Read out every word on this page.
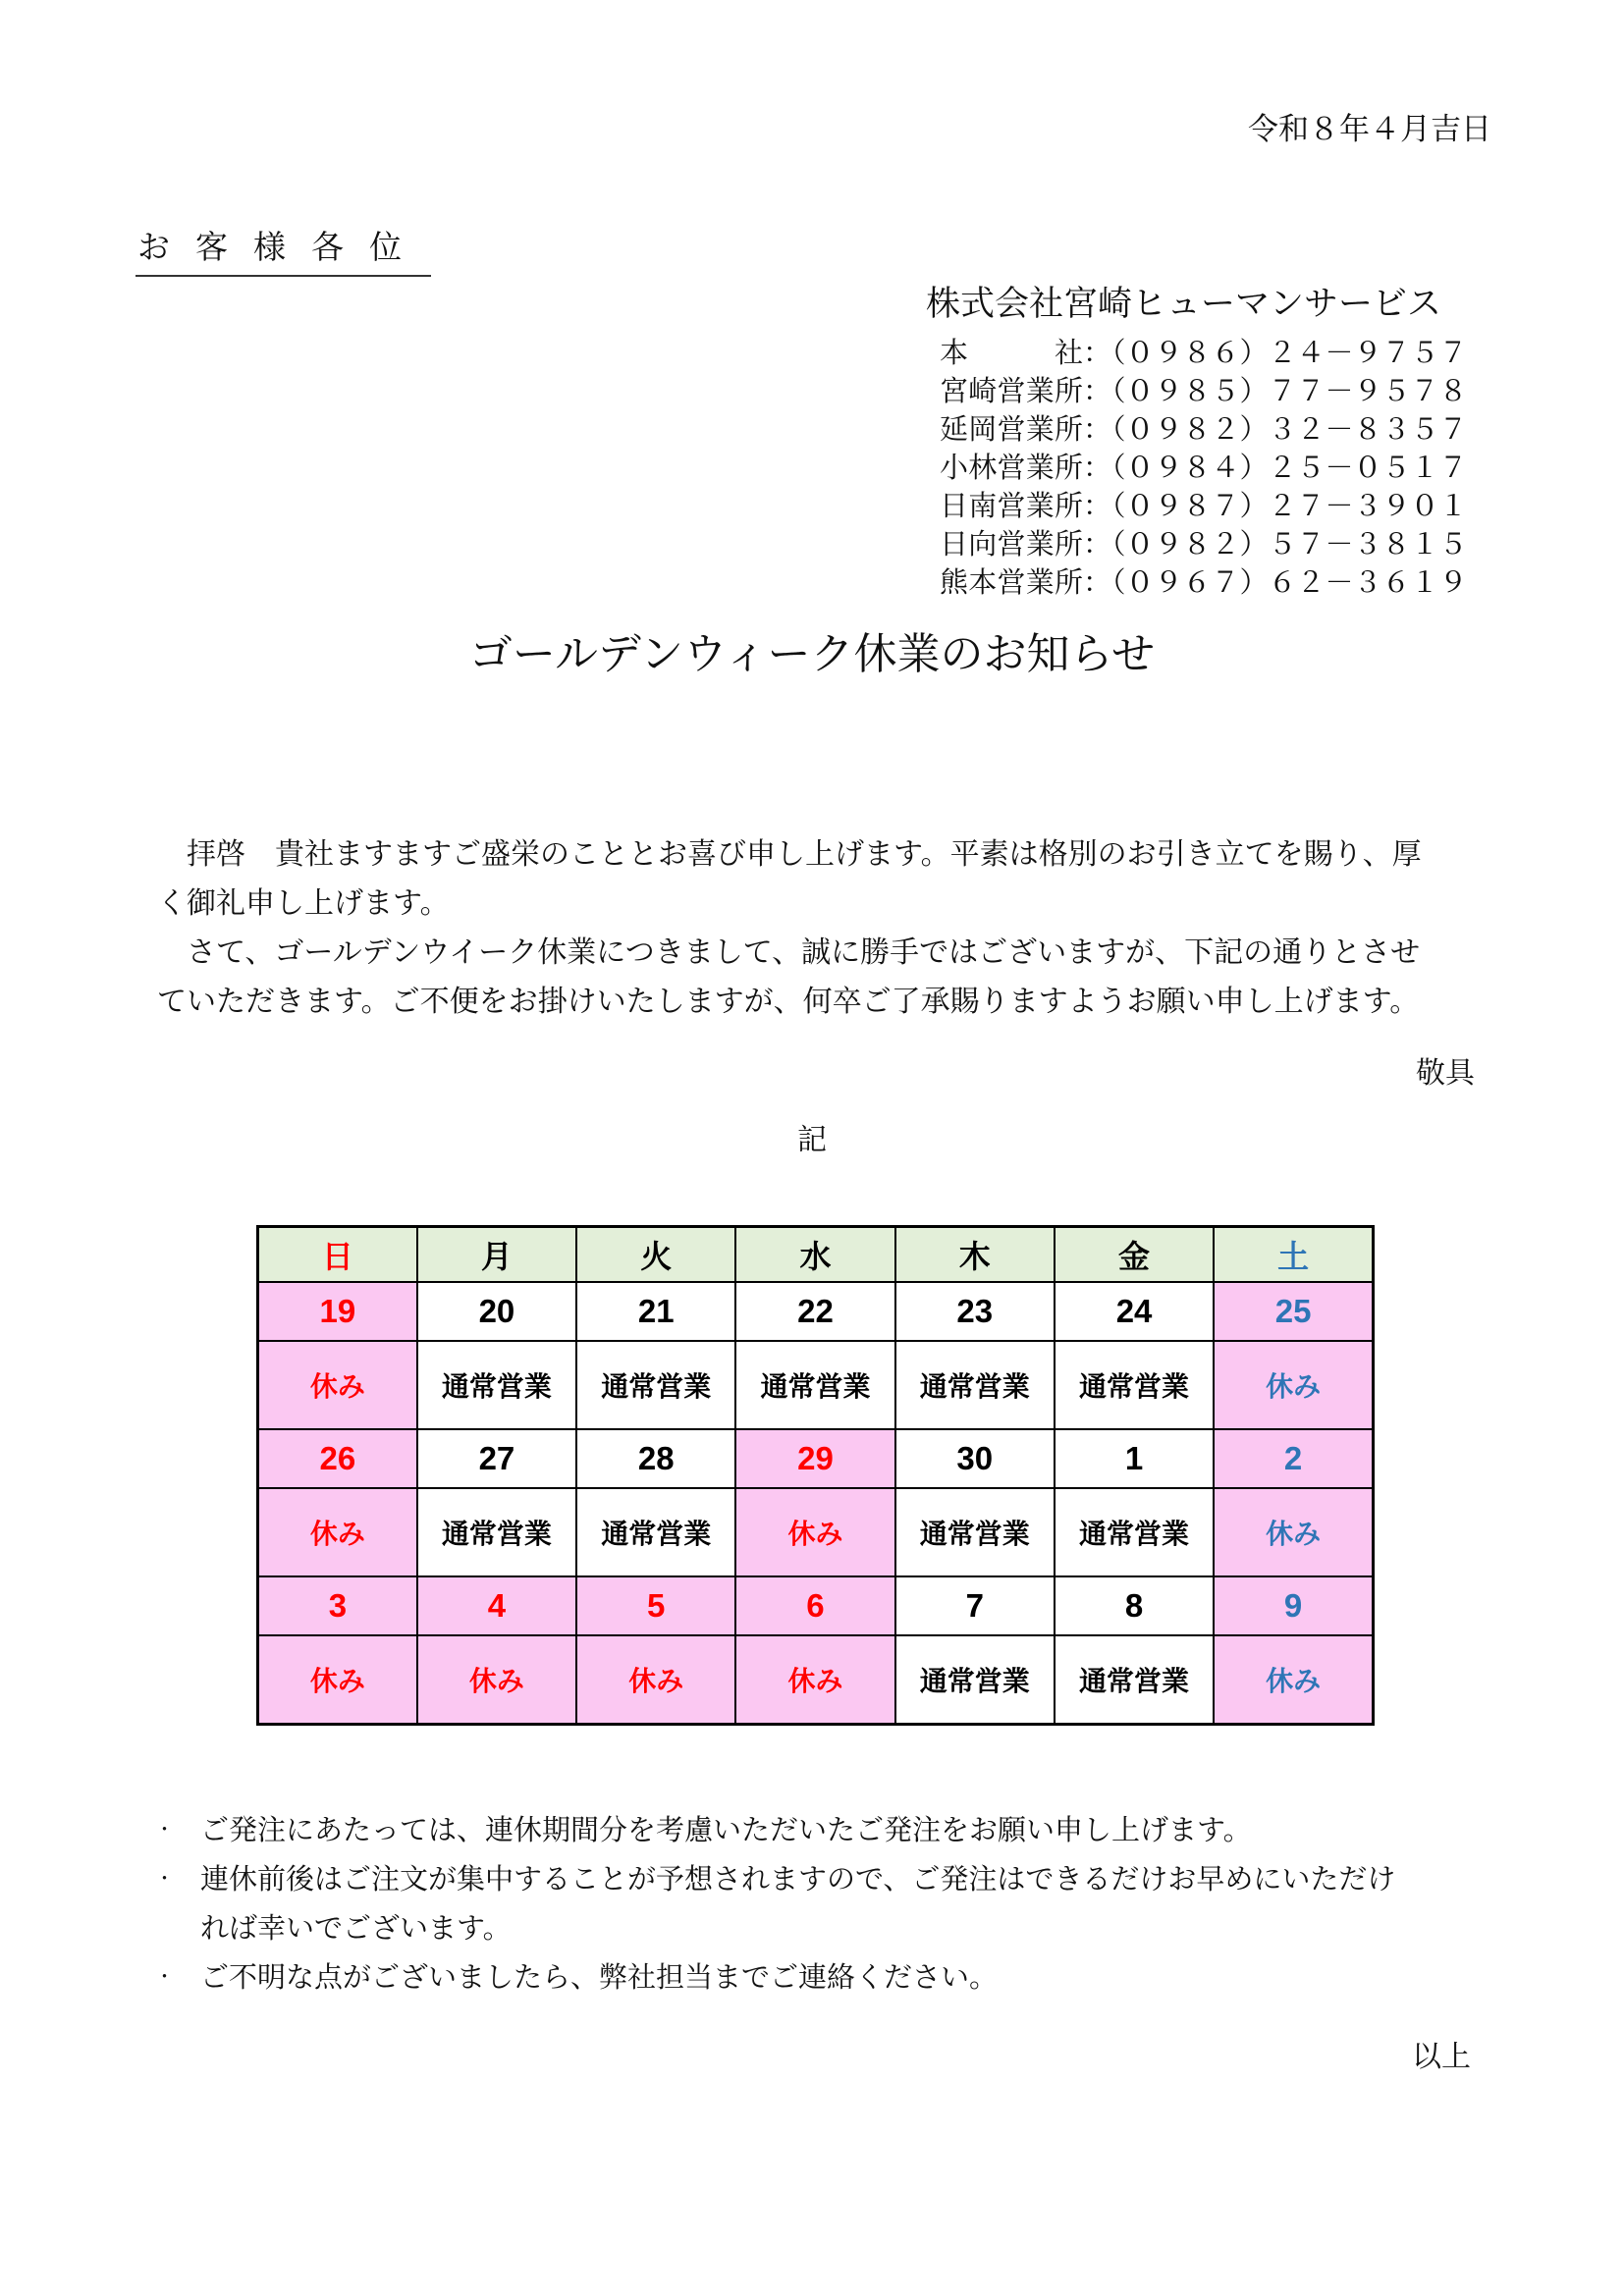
令和８年４月吉日
お客様各位
株式会社宮崎ヒューマンサービス
本社：（０９８６）２４－９７５７
宮崎営業所：（０９８５）７７－９５７８
延岡営業所：（０９８２）３２－８３５７
小林営業所：（０９８４）２５－０５１７
日南営業所：（０９８７）２７－３９０１
日向営業所：（０９８２）５７－３８１５
熊本営業所：（０９６７）６２－３６１９
ゴールデンウィーク休業のお知らせ
拝啓　貴社ますますご盛栄のこととお喜び申し上げます。平素は格別のお引き立てを賜り、厚
く御礼申し上げます。
さて、ゴールデンウイーク休業につきまして、誠に勝手ではございますが、下記の通りとさせ
ていただきます。ご不便をお掛けいたしますが、何卒ご了承賜りますようお願い申し上げます。
敬具
記
日	月	火	水	木	金	土
19	20	21	22	23	24	25
休み	通常営業	通常営業	通常営業	通常営業	通常営業	休み
26	27	28	29	30	1	2
休み	通常営業	通常営業	休み	通常営業	通常営業	休み
3	4	5	6	7	8	9
休み	休み	休み	休み	通常営業	通常営業	休み
・ ご発注にあたっては、連休期間分を考慮いただいたご発注をお願い申し上げます。
・ 連休前後はご注文が集中することが予想されますので、ご発注はできるだけお早めにいただけ
れば幸いでございます。
・ ご不明な点がございましたら、弊社担当までご連絡ください。
以上
